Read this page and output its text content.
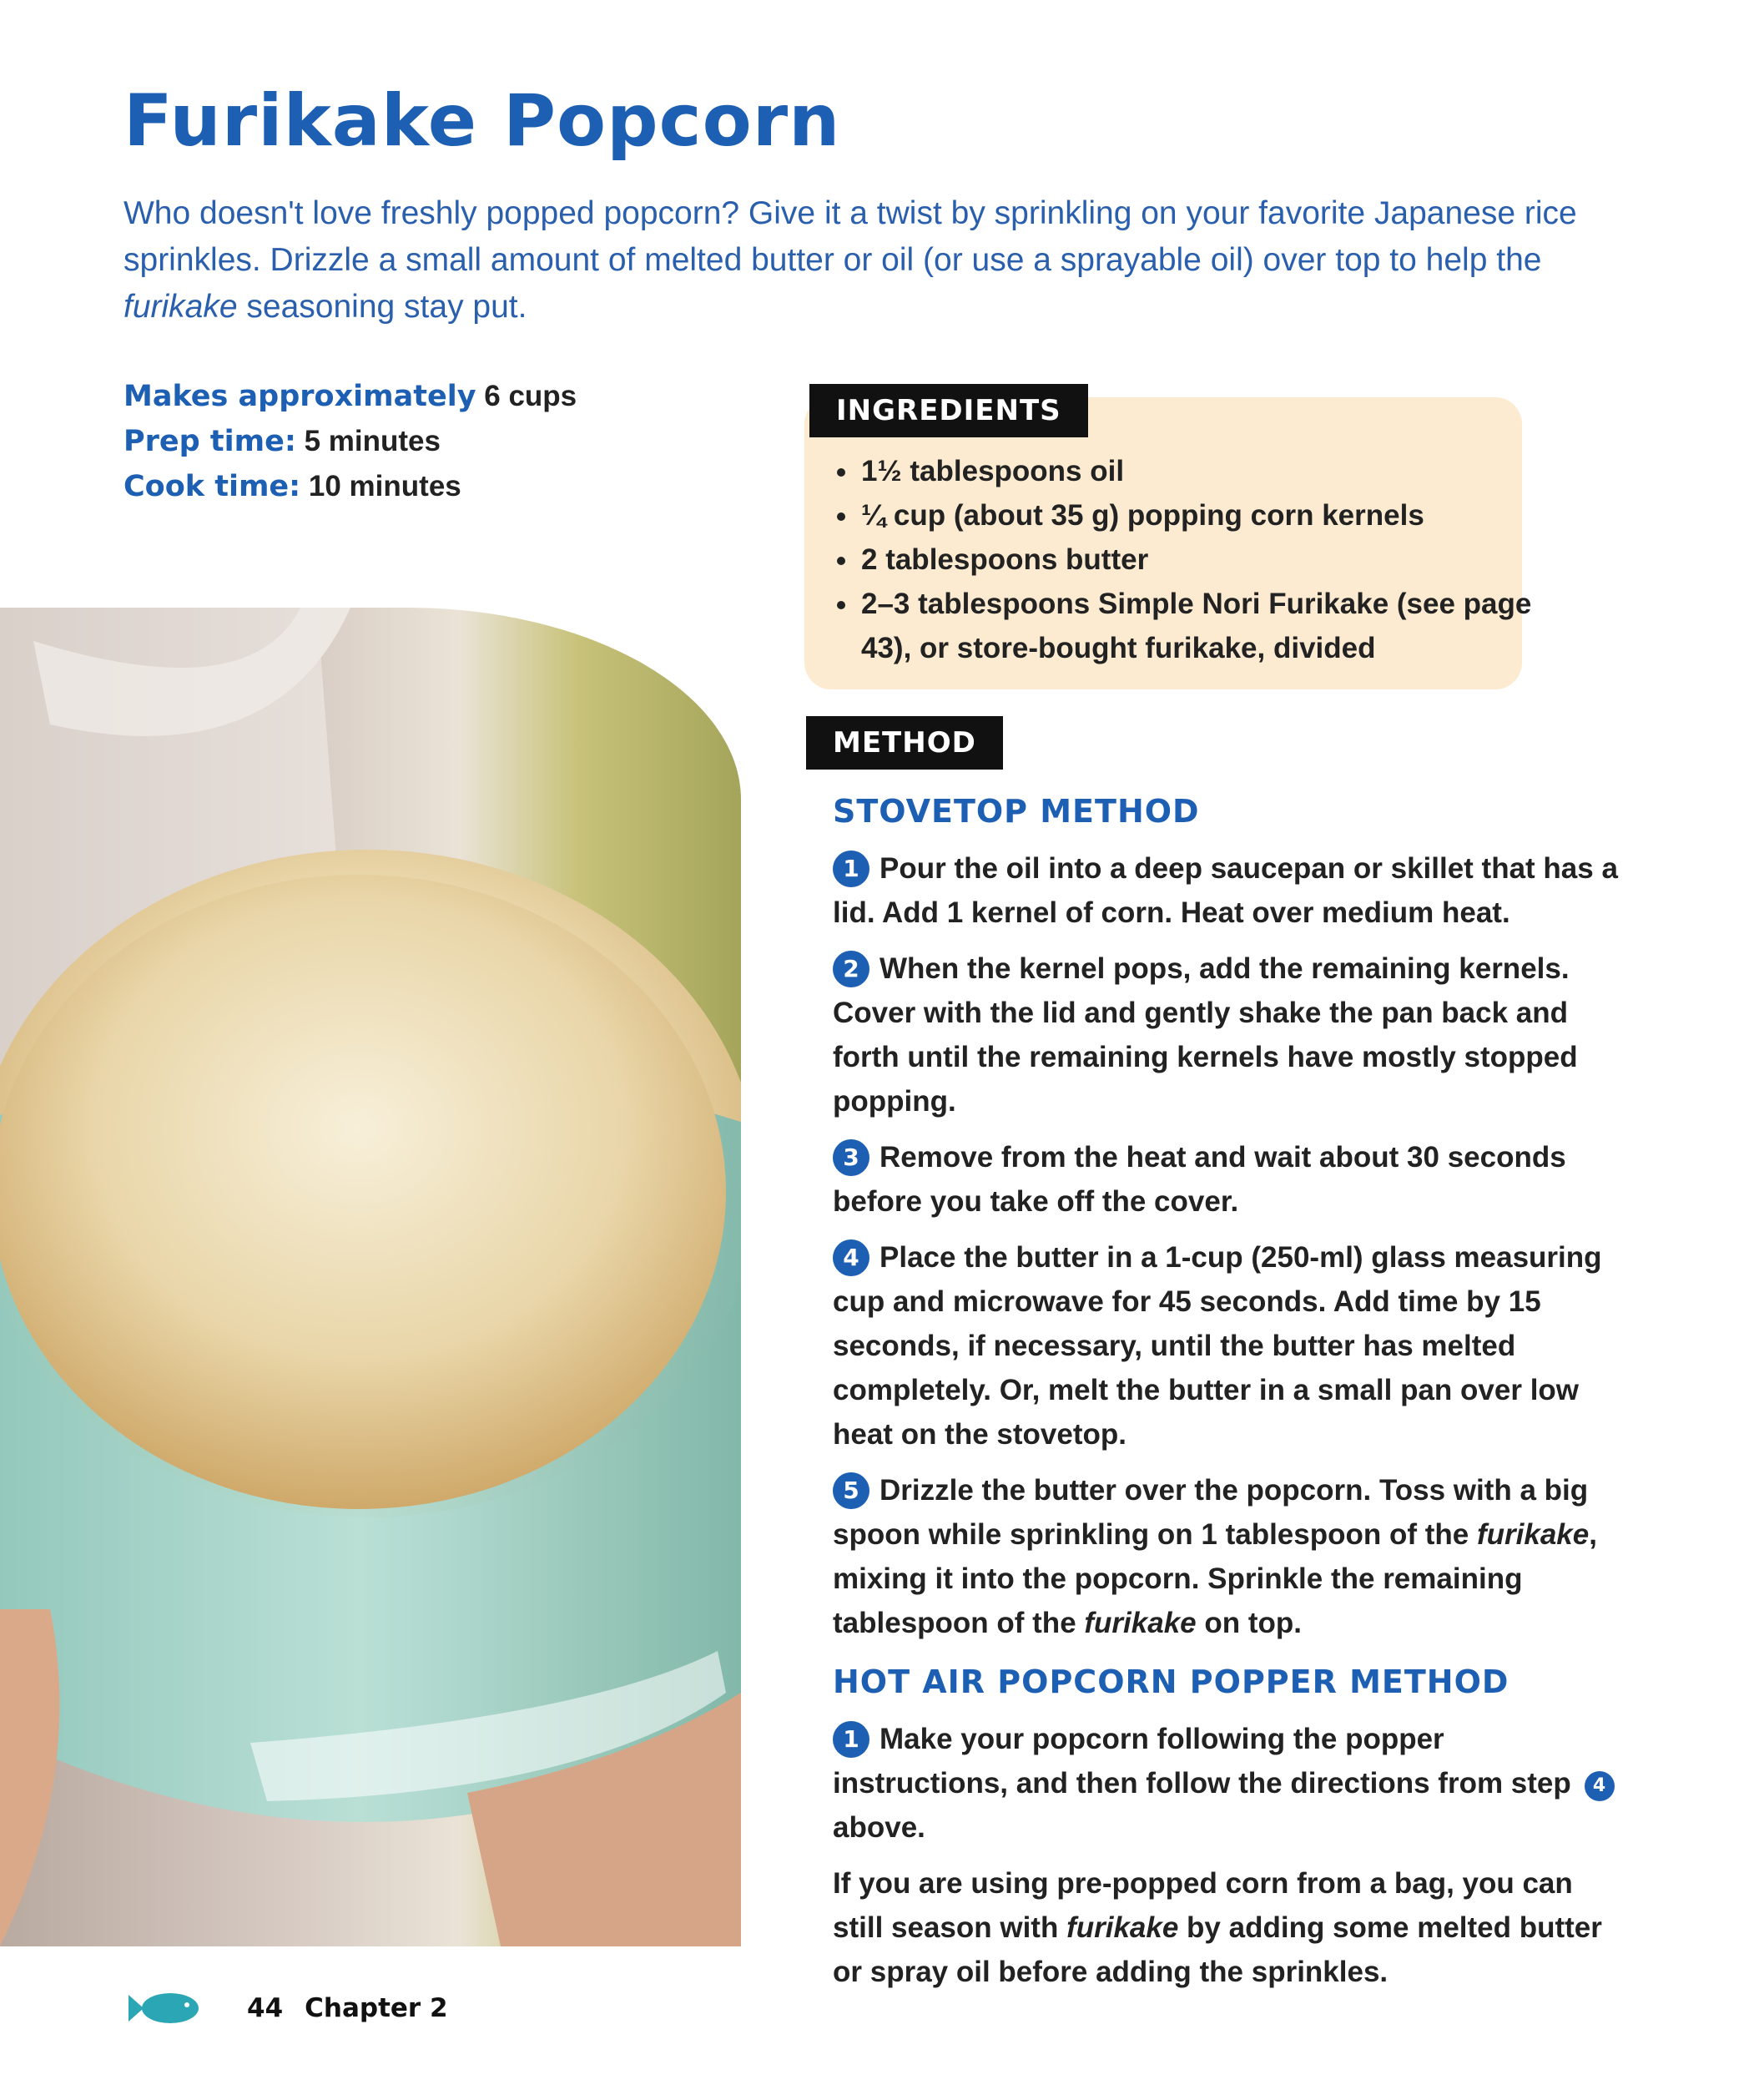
Furikake Popcorn

Who doesn't love freshly popped popcorn? Give it a twist by sprinkling on your favorite Japanese rice sprinkles. Drizzle a small amount of melted butter or oil (or use a sprayable oil) over top to help the furikake seasoning stay put.

Makes approximately 6 cups
Prep time: 5 minutes
Cook time: 10 minutes
INGREDIENTS
• 1½ tablespoons oil
• ¼ cup (about 35 g) popping corn kernels
• 2 tablespoons butter
• 2–3 tablespoons Simple Nori Furikake (see page 43), or store-bought furikake, divided
METHOD
STOVETOP METHOD

1 Pour the oil into a deep saucepan or skillet that has a lid. Add 1 kernel of corn. Heat over medium heat.

2 When the kernel pops, add the remaining kernels. Cover with the lid and gently shake the pan back and forth until the remaining kernels have mostly stopped popping.

3 Remove from the heat and wait about 30 seconds before you take off the cover.

4 Place the butter in a 1-cup (250-ml) glass measuring cup and microwave for 45 seconds. Add time by 15 seconds, if necessary, until the butter has melted completely. Or, melt the butter in a small pan over low heat on the stovetop.

5 Drizzle the butter over the popcorn. Toss with a big spoon while sprinkling on 1 tablespoon of the furikake, mixing it into the popcorn. Sprinkle the remaining tablespoon of the furikake on top.

HOT AIR POPCORN POPPER METHOD

1 Make your popcorn following the popper instructions, and then follow the directions from step 4 above.

If you are using pre-popped corn from a bag, you can still season with furikake by adding some melted butter or spray oil before adding the sprinkles.

44 Chapter 2
